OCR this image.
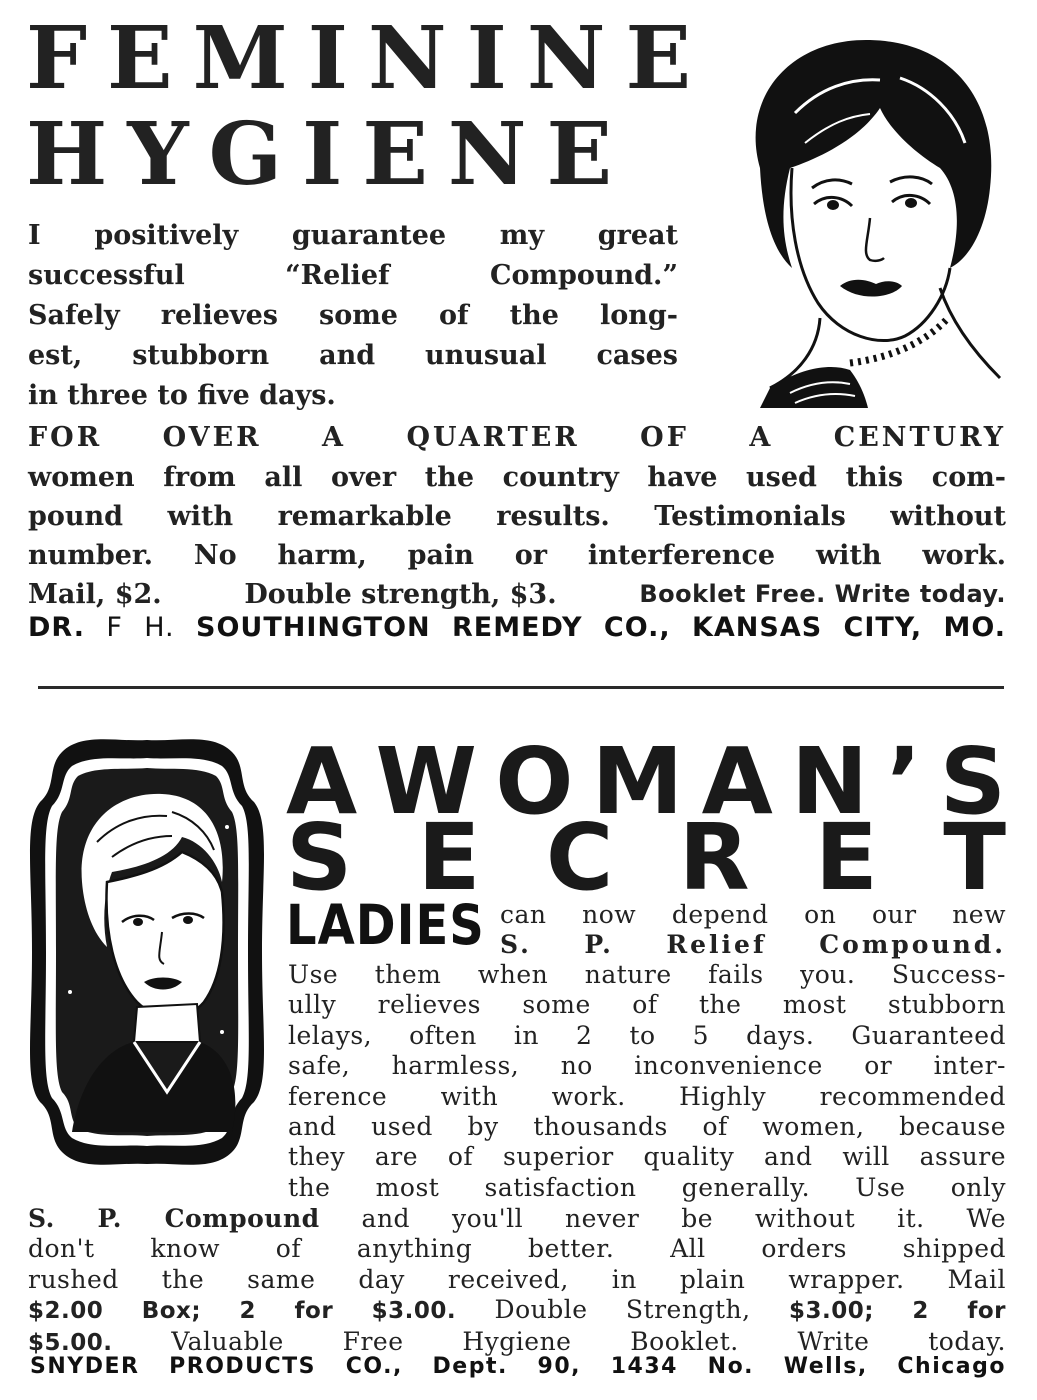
FEMININE
HYGIENE
I positively guarantee my great
successful “Relief Compound.”
Safely relieves some of the long-
est, stubborn and unusual cases
in three to five days.
FOR OVER A QUARTER OF A CENTURY
women from all over the country have used this com-
pound with remarkable results. Testimonials without
number. No harm, pain or interference with work.
Mail, $2.	Double strength, $3.	Booklet Free. Write today.
DR. F H. SOUTHINGTON REMEDY CO., KANSAS CITY, MO.
A W O M A N ’ S
S E C R E T
LADIES can now depend on our new
S. P. Relief Compound.
Use them when nature fails you. Success-
ully relieves some of the most stubborn
lelays, often in 2 to 5 days. Guaranteed
safe, harmless, no inconvenience or inter-
ference with work. Highly recommended
and used by thousands of women, because
they are of superior quality and will assure
the most satisfaction generally. Use only
S. P. Compound and you'll never be without it. We
don't know of anything better. All orders shipped
rushed the same day received, in plain wrapper. Mail
$2.00 Box; 2 for $3.00. Double Strength, $3.00; 2 for
$5.00. Valuable Free Hygiene Booklet. Write today.
SNYDER PRODUCTS CO., Dept. 90, 1434 No. Wells, Chicago
